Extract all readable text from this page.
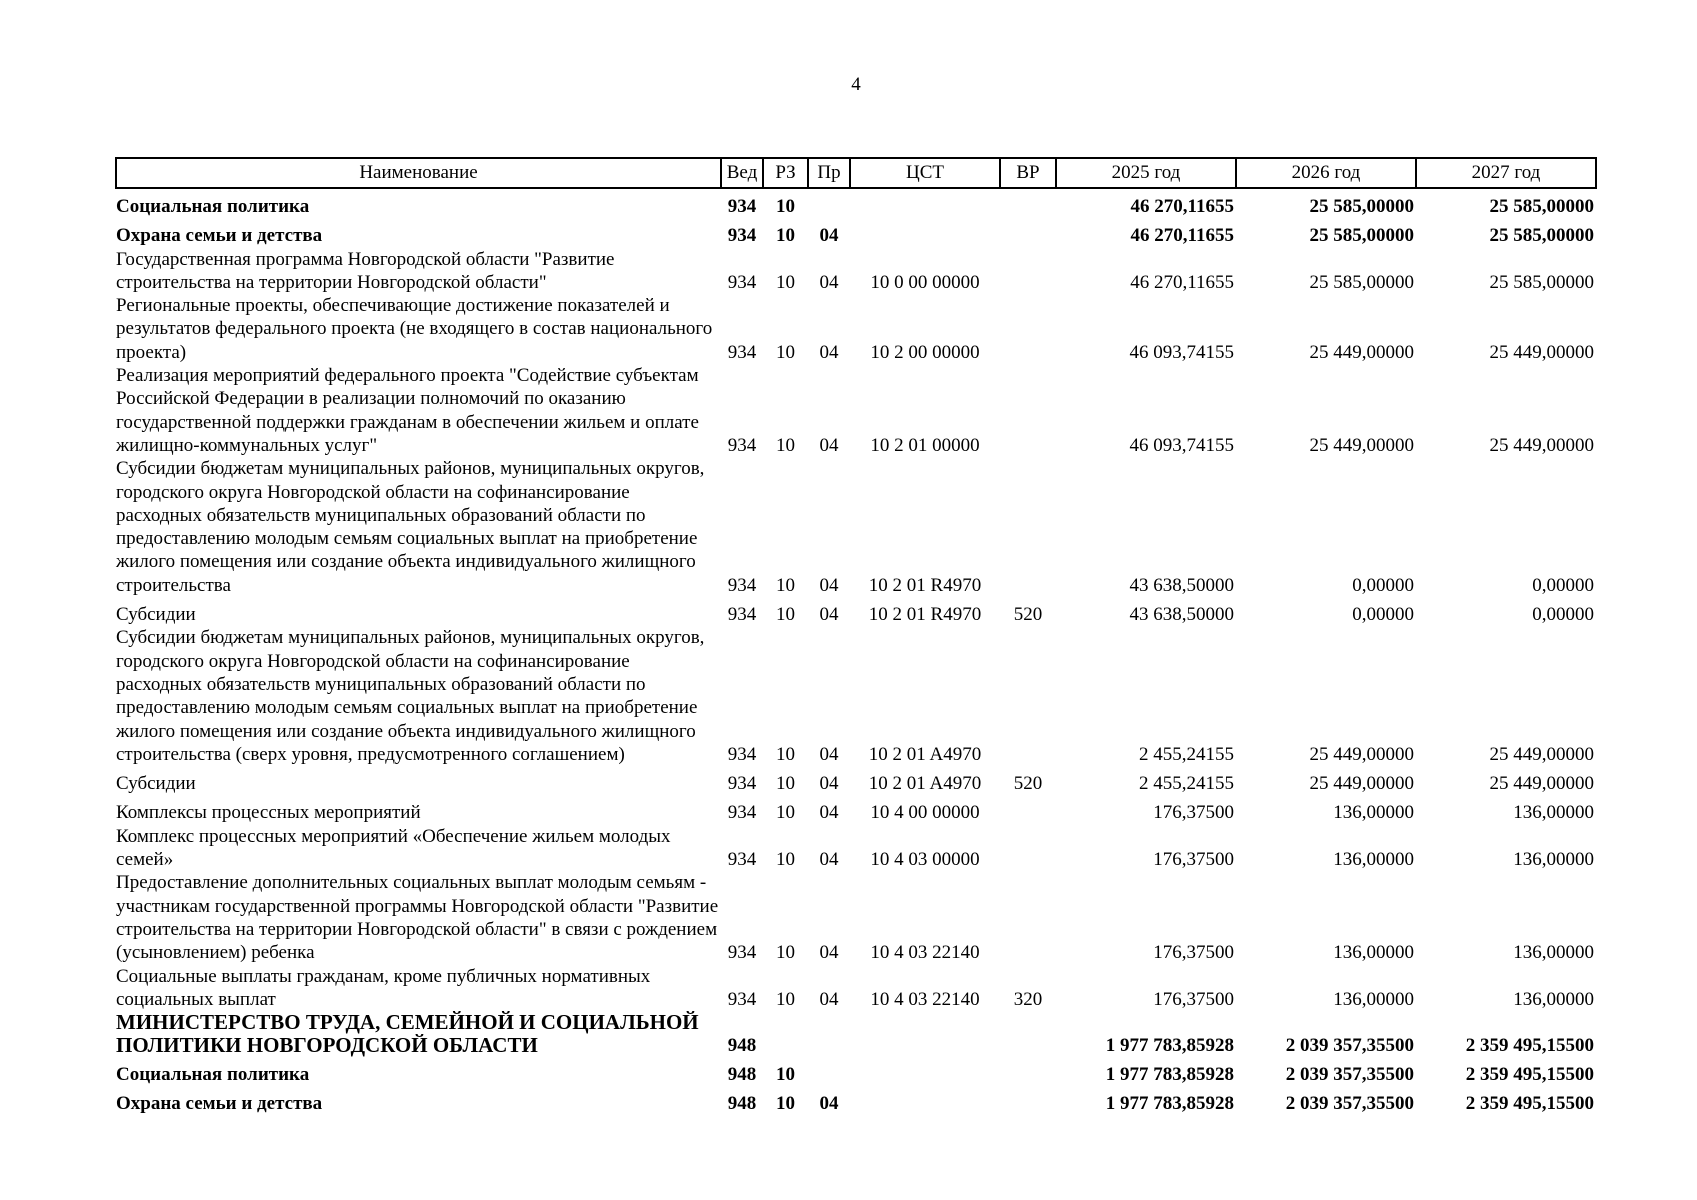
4
Наименование	Вед	РЗ	Пр	ЦСТ	ВР	2025 год	2026 год	2027 год
Социальная политика	934	10				46 270,11655	25 585,00000	25 585,00000
Охрана семьи и детства	934	10	04			46 270,11655	25 585,00000	25 585,00000
Государственная программа Новгородской области "Развитие строительства на территории Новгородской области"	934	10	04	10 0 00 00000		46 270,11655	25 585,00000	25 585,00000
Региональные проекты, обеспечивающие достижение показателей и результатов федерального проекта (не входящего в состав национального проекта)	934	10	04	10 2 00 00000		46 093,74155	25 449,00000	25 449,00000
Реализация мероприятий федерального проекта "Содействие субъектам Российской Федерации в реализации полномочий по оказанию государственной поддержки гражданам в обеспечении жильем и оплате жилищно-коммунальных услуг"	934	10	04	10 2 01 00000		46 093,74155	25 449,00000	25 449,00000
Субсидии бюджетам муниципальных районов, муниципальных округов, городского округа Новгородской области на софинансирование расходных обязательств муниципальных образований области по предоставлению молодым семьям социальных выплат на приобретение жилого помещения или создание объекта индивидуального жилищного строительства	934	10	04	10 2 01 R4970		43 638,50000	0,00000	0,00000
Субсидии	934	10	04	10 2 01 R4970	520	43 638,50000	0,00000	0,00000
Субсидии бюджетам муниципальных районов, муниципальных округов, городского округа Новгородской области на софинансирование расходных обязательств муниципальных образований области по предоставлению молодым семьям социальных выплат на приобретение жилого помещения или создание объекта индивидуального жилищного строительства (сверх уровня, предусмотренного соглашением)	934	10	04	10 2 01 A4970		2 455,24155	25 449,00000	25 449,00000
Субсидии	934	10	04	10 2 01 A4970	520	2 455,24155	25 449,00000	25 449,00000
Комплексы процессных мероприятий	934	10	04	10 4 00 00000		176,37500	136,00000	136,00000
Комплекс процессных мероприятий «Обеспечение жильем молодых семей»	934	10	04	10 4 03 00000		176,37500	136,00000	136,00000
Предоставление дополнительных социальных выплат молодым семьям - участникам государственной программы Новгородской области "Развитие строительства на территории Новгородской области" в связи с рождением (усыновлением) ребенка	934	10	04	10 4 03 22140		176,37500	136,00000	136,00000
Социальные выплаты гражданам, кроме публичных нормативных социальных выплат	934	10	04	10 4 03 22140	320	176,37500	136,00000	136,00000
МИНИСТЕРСТВО ТРУДА, СЕМЕЙНОЙ И СОЦИАЛЬНОЙ ПОЛИТИКИ НОВГОРОДСКОЙ ОБЛАСТИ	948					1 977 783,85928	2 039 357,35500	2 359 495,15500
Социальная политика	948	10				1 977 783,85928	2 039 357,35500	2 359 495,15500
Охрана семьи и детства	948	10	04			1 977 783,85928	2 039 357,35500	2 359 495,15500
